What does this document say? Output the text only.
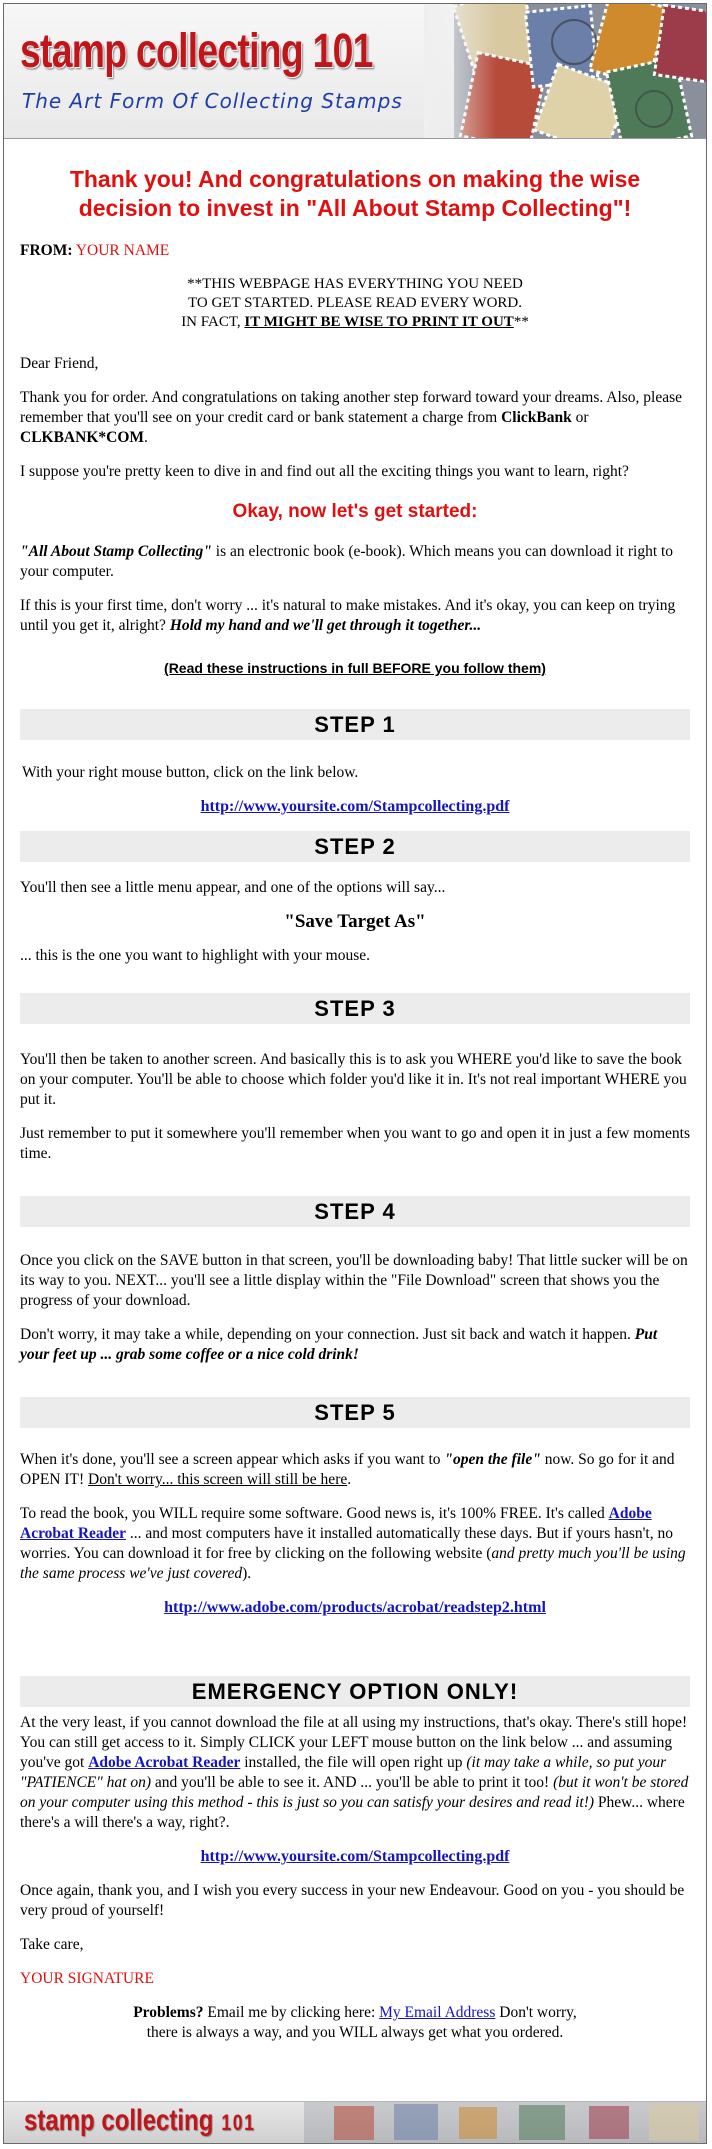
stamp collecting 101
The Art Form Of Collecting Stamps
Thank you! And congratulations on making the wise decision to invest in "All About Stamp Collecting"!

FROM: YOUR NAME

**THIS WEBPAGE HAS EVERYTHING YOU NEED
TO GET STARTED. PLEASE READ EVERY WORD.
IN FACT, IT MIGHT BE WISE TO PRINT IT OUT**

Dear Friend,

Thank you for order. And congratulations on taking another step forward toward your dreams. Also, please remember that you'll see on your credit card or bank statement a charge from ClickBank or CLKBANK*COM.

I suppose you're pretty keen to dive in and find out all the exciting things you want to learn, right?

Okay, now let's get started:

"All About Stamp Collecting" is an electronic book (e-book). Which means you can download it right to your computer.

If this is your first time, don't worry ... it's natural to make mistakes. And it's okay, you can keep on trying until you get it, alright? Hold my hand and we'll get through it together...

(Read these instructions in full BEFORE you follow them)
STEP 1

With your right mouse button, click on the link below.

http://www.yoursite.com/Stampcollecting.pdf

STEP 2

You'll then see a little menu appear, and one of the options will say...

"Save Target As"

... this is the one you want to highlight with your mouse.

STEP 3

You'll then be taken to another screen. And basically this is to ask you WHERE you'd like to save the book on your computer. You'll be able to choose which folder you'd like it in. It's not real important WHERE you put it.

Just remember to put it somewhere you'll remember when you want to go and open it in just a few moments time.

STEP 4

Once you click on the SAVE button in that screen, you'll be downloading baby! That little sucker will be on its way to you. NEXT... you'll see a little display within the "File Download" screen that shows you the progress of your download.

Don't worry, it may take a while, depending on your connection. Just sit back and watch it happen. Put your feet up ... grab some coffee or a nice cold drink!

STEP 5

When it's done, you'll see a screen appear which asks if you want to "open the file" now. So go for it and OPEN IT! Don't worry... this screen will still be here.

To read the book, you WILL require some software. Good news is, it's 100% FREE. It's called Adobe Acrobat Reader ... and most computers have it installed automatically these days. But if yours hasn't, no worries. You can download it for free by clicking on the following website (and pretty much you'll be using the same process we've just covered).

http://www.adobe.com/products/acrobat/readstep2.html

EMERGENCY OPTION ONLY!

At the very least, if you cannot download the file at all using my instructions, that's okay. There's still hope! You can still get access to it. Simply CLICK your LEFT mouse button on the link below ... and assuming you've got Adobe Acrobat Reader installed, the file will open right up (it may take a while, so put your "PATIENCE" hat on) and you'll be able to see it. AND ... you'll be able to print it too! (but it won't be stored on your computer using this method - this is just so you can satisfy your desires and read it!) Phew... where there's a will there's a way, right?.

http://www.yoursite.com/Stampcollecting.pdf

Once again, thank you, and I wish you every success in your new Endeavour. Good on you - you should be very proud of yourself!

Take care,

YOUR SIGNATURE

Problems? Email me by clicking here: My Email Address Don't worry,
there is always a way, and you WILL always get what you ordered.
stamp collecting 101
